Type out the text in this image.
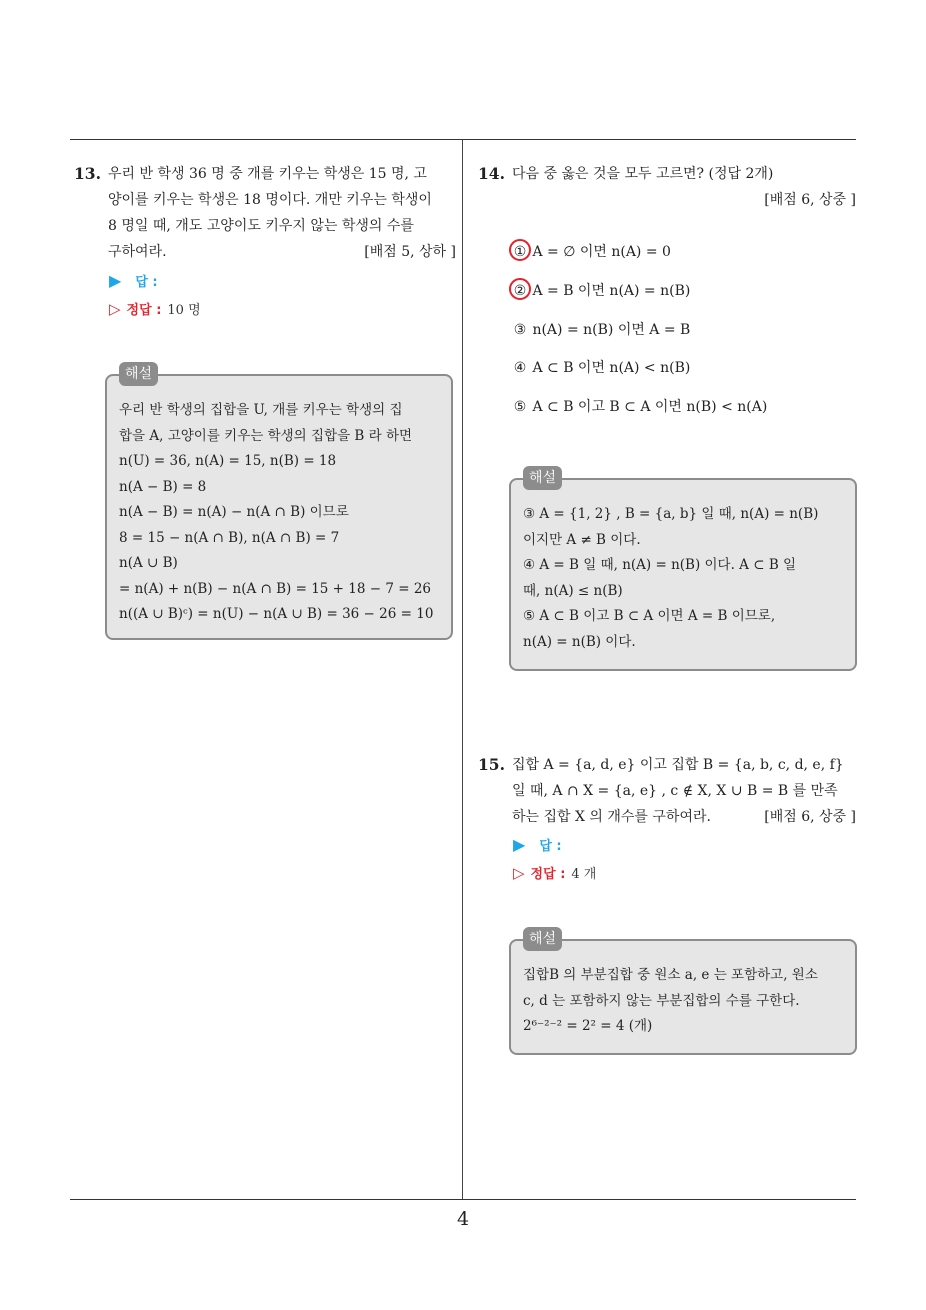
4
13. 우리 반 학생 36 명 중 개를 키우는 학생은 15 명, 고
양이를 키우는 학생은 18 명이다. 개만 키우는 학생이
8 명일 때, 개도 고양이도 키우지 않는 학생의 수를
구하여라.	[배점 5, 상하 ]
▶ 답 :
▷ 정답 : 10 명
해설

우리 반 학생의 집합을 U, 개를 키우는 학생의 집

합을 A, 고양이를 키우는 학생의 집합을 B 라 하면

n(U) = 36, n(A) = 15, n(B) = 18

n(A − B) = 8

n(A − B) = n(A) − n(A ∩ B) 이므로

8 = 15 − n(A ∩ B), n(A ∩ B) = 7

n(A ∪ B)

= n(A) + n(B) − n(A ∩ B) = 15 + 18 − 7 = 26

n((A ∪ B)ᶜ) = n(U) − n(A ∪ B) = 36 − 26 = 10

14. 다음 중 옳은 것을 모두 고르면? (정답 2개)
[배점 6, 상중 ]
① A = ∅ 이면 n(A) = 0
② A = B 이면 n(A) = n(B)
③ n(A) = n(B) 이면 A = B
④ A ⊂ B 이면 n(A) < n(B)
⑤ A ⊂ B 이고 B ⊂ A 이면 n(B) < n(A)
해설

③ A = {1, 2} , B = {a, b} 일 때, n(A) = n(B)

이지만 A ≠ B 이다.

④ A = B 일 때, n(A) = n(B) 이다. A ⊂ B 일

때, n(A) ≤ n(B)

⑤ A ⊂ B 이고 B ⊂ A 이면 A = B 이므로,

n(A) = n(B) 이다.

15. 집합 A = {a, d, e} 이고 집합 B = {a, b, c, d, e, f}
일 때, A ∩ X = {a, e} , c ∉ X, X ∪ B = B 를 만족
하는 집합 X 의 개수를 구하여라.	[배점 6, 상중 ]
▶ 답 :
▷ 정답 : 4 개
해설

집합B 의 부분집합 중 원소 a, e 는 포함하고, 원소

c, d 는 포함하지 않는 부분집합의 수를 구한다.

2⁶⁻²⁻² = 2² = 4 (개)
